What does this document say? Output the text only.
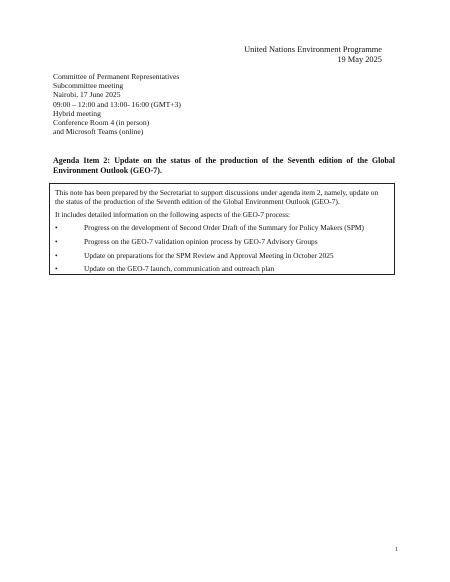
United Nations Environment Programme
19 May 2025
Committee of Permanent Representatives
Subcommittee meeting
Nairobi, 17 June 2025
09:00 – 12:00 and 13:00- 16:00 (GMT+3)
Hybrid meeting
Conference Room 4 (in person)
and Microsoft Teams (online)
Agenda Item 2: Update on the status of the production of the Seventh edition of the Global Environment Outlook (GEO-7).

This note has been prepared by the Secretariat to support discussions under agenda item 2, namely, update on the status of the production of the Seventh edition of the Global Environment Outlook (GEO-7).

It includes detailed information on the following aspects of the GEO-7 process:

•	Progress on the development of Second Order Draft of the Summary for Policy Makers (SPM)
•	Progress on the GEO-7 validation opinion process by GEO-7 Advisory Groups
•	Update on preparations for the SPM Review and Approval Meeting in October 2025
•	Update on the GEO-7 launch, communication and outreach plan
1
